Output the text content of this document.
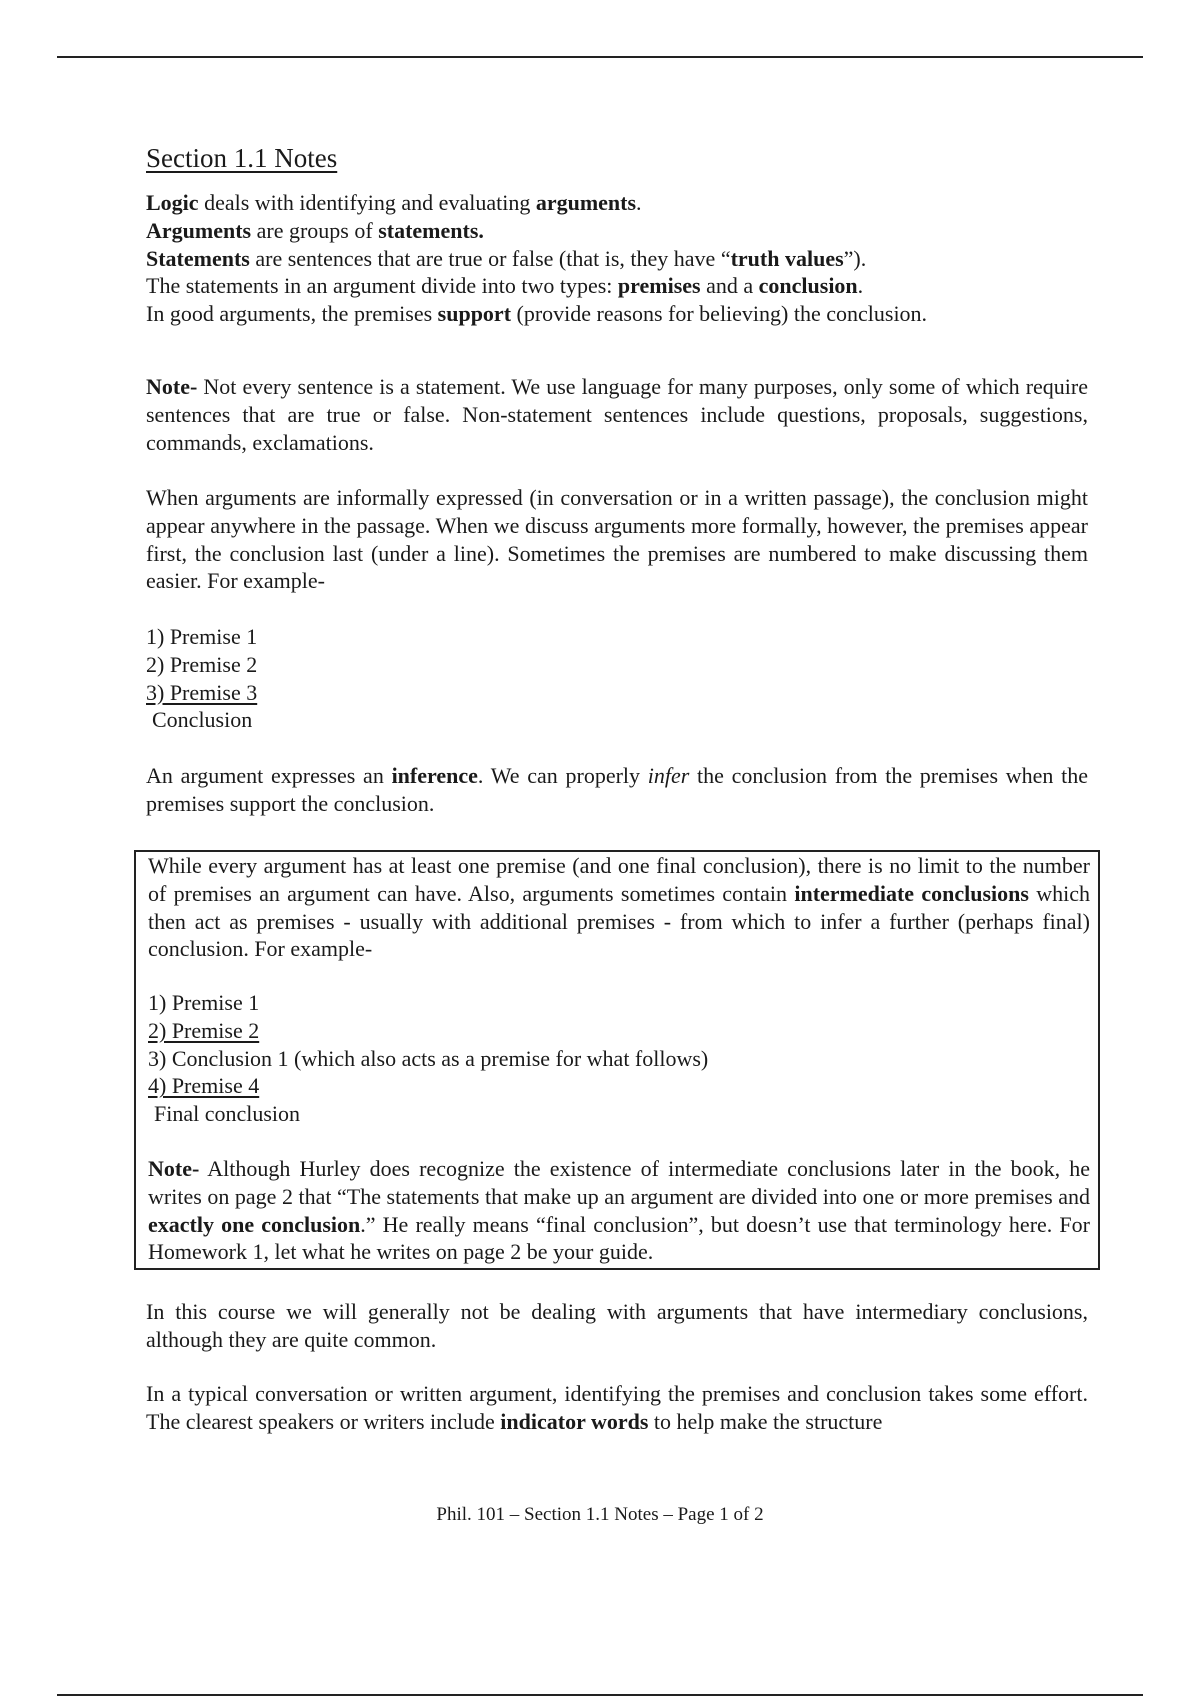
Section 1.1 Notes
Logic deals with identifying and evaluating arguments.
Arguments are groups of statements.
Statements are sentences that are true or false (that is, they have “truth values”).
The statements in an argument divide into two types: premises and a conclusion.
In good arguments, the premises support (provide reasons for believing) the conclusion.
Note- Not every sentence is a statement. We use language for many purposes, only some of which require sentences that are true or false. Non-statement sentences include questions, proposals, suggestions, commands, exclamations.
When arguments are informally expressed (in conversation or in a written passage), the conclusion might appear anywhere in the passage. When we discuss arguments more formally, however, the premises appear first, the conclusion last (under a line). Sometimes the premises are numbered to make discussing them easier. For example-
1) Premise 1
2) Premise 2
3) Premise 3
Conclusion
An argument expresses an inference. We can properly infer the conclusion from the premises when the premises support the conclusion.
In this course we will generally not be dealing with arguments that have intermediary conclusions, although they are quite common.
In a typical conversation or written argument, identifying the premises and conclusion takes some effort. The clearest speakers or writers include indicator words to help make the structure
While every argument has at least one premise (and one final conclusion), there is no limit to the number of premises an argument can have. Also, arguments sometimes contain intermediate conclusions which then act as premises - usually with additional premises - from which to infer a further (perhaps final) conclusion. For example-
1) Premise 1
2) Premise 2
3) Conclusion 1 (which also acts as a premise for what follows)
4) Premise 4
Final conclusion
Note- Although Hurley does recognize the existence of intermediate conclusions later in the book, he writes on page 2 that “The statements that make up an argument are divided into one or more premises and exactly one conclusion.” He really means “final conclusion”, but doesn’t use that terminology here. For Homework 1, let what he writes on page 2 be your guide.
Phil. 101 – Section 1.1 Notes – Page 1 of 2
